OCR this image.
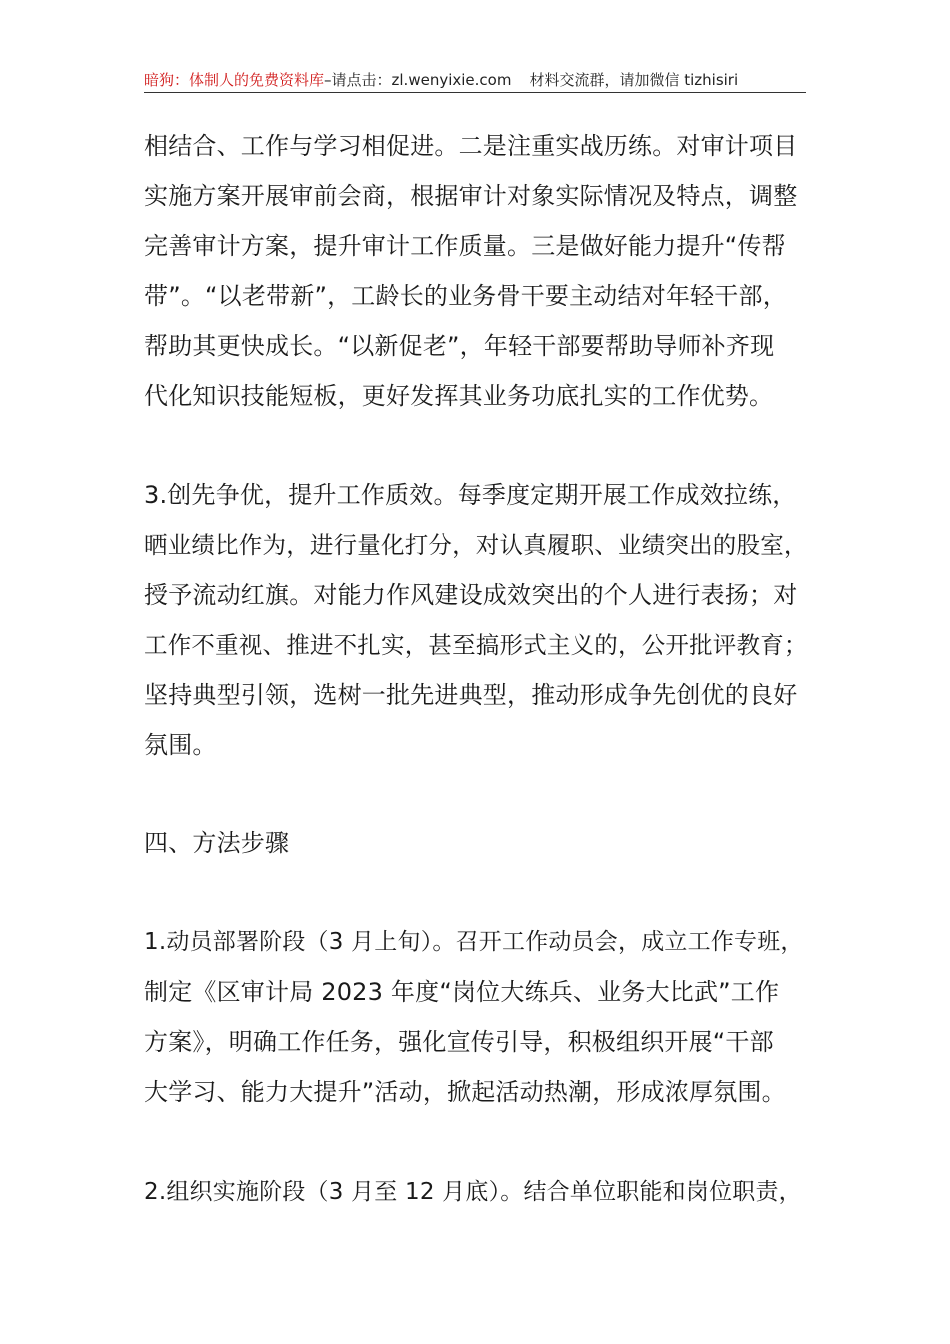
暗狗：体制人的免费资料库–请点击：zl.wenyixie.com 材料交流群，请加微信 tizhisiri
相结合、工作与学习相促进。二是注重实战历练。对审计项目
实施方案开展审前会商，根据审计对象实际情况及特点，调整
完善审计方案，提升审计工作质量。三是做好能力提升“传帮
带”。“以老带新”，工龄长的业务骨干要主动结对年轻干部，
帮助其更快成长。“以新促老”，年轻干部要帮助导师补齐现
代化知识技能短板，更好发挥其业务功底扎实的工作优势。
3.创先争优，提升工作质效。每季度定期开展工作成效拉练，
晒业绩比作为，进行量化打分，对认真履职、业绩突出的股室，
授予流动红旗。对能力作风建设成效突出的个人进行表扬；对
工作不重视、推进不扎实，甚至搞形式主义的，公开批评教育；
坚持典型引领，选树一批先进典型，推动形成争先创优的良好
氛围。
四、方法步骤
1.动员部署阶段（3 月上旬）。召开工作动员会，成立工作专班，
制定《区审计局 2023 年度“岗位大练兵、业务大比武”工作
方案》，明确工作任务，强化宣传引导，积极组织开展“干部
大学习、能力大提升”活动，掀起活动热潮，形成浓厚氛围。
2.组织实施阶段（3 月至 12 月底）。结合单位职能和岗位职责，
